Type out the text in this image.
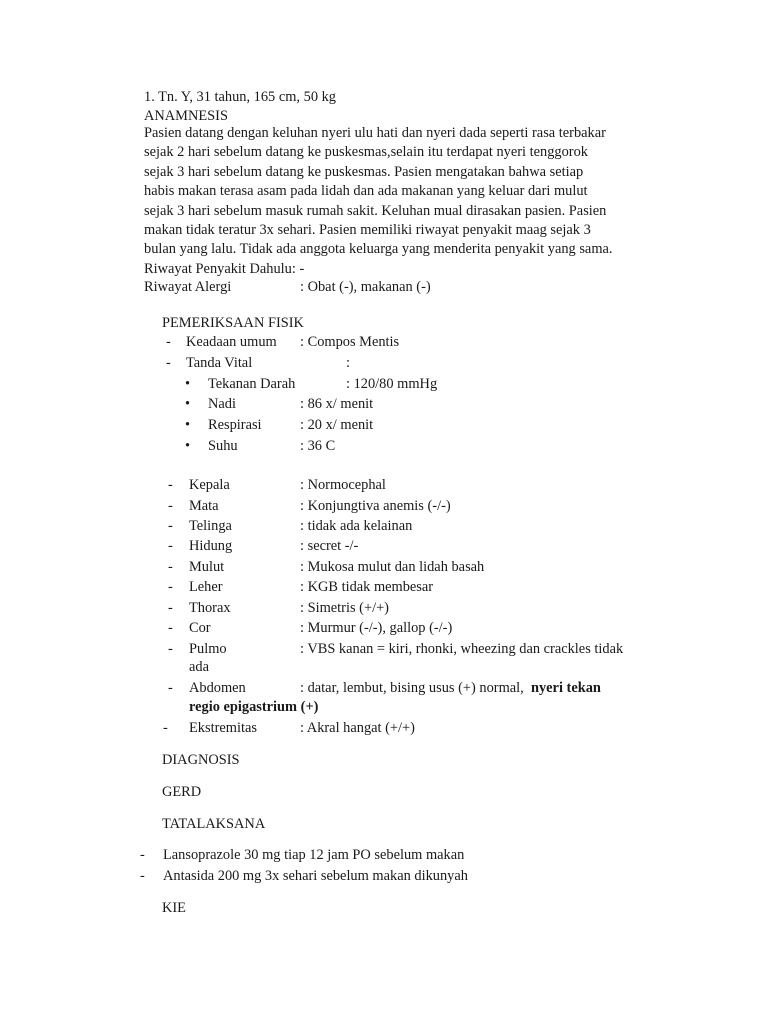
1. Tn. Y, 31 tahun, 165 cm, 50 kg
ANAMNESIS
Pasien datang dengan keluhan nyeri ulu hati dan nyeri dada seperti rasa terbakar
sejak 2 hari sebelum datang ke puskesmas,selain itu terdapat nyeri tenggorok
sejak 3 hari sebelum datang ke puskesmas. Pasien mengatakan bahwa setiap
habis makan terasa asam pada lidah dan ada makanan yang keluar dari mulut
sejak 3 hari sebelum masuk rumah sakit. Keluhan mual dirasakan pasien. Pasien
makan tidak teratur 3x sehari. Pasien memiliki riwayat penyakit maag sejak 3
bulan yang lalu. Tidak ada anggota keluarga yang menderita penyakit yang sama.
Riwayat Penyakit Dahulu: -
Riwayat Alergi	: Obat (-), makanan (-)
PEMERIKSAAN FISIK
- Keadaan umum : Compos Mentis
- Tanda Vital	:
• Tekanan Darah	: 120/80 mmHg
• Nadi	: 86 x/ menit
• Respirasi	: 20 x/ menit
• Suhu	: 36 C
- Kepala	: Normocephal
- Mata	: Konjungtiva anemis (-/-)
- Telinga	: tidak ada kelainan
- Hidung	: secret -/-
- Mulut	: Mukosa mulut dan lidah basah
- Leher	: KGB tidak membesar
- Thorax	: Simetris (+/+)
- Cor	: Murmur (-/-), gallop (-/-)
- Pulmo	: VBS kanan = kiri, rhonki, wheezing dan crackles tidak
ada
- Abdomen	: datar, lembut, bising usus (+) normal, nyeri tekan
regio epigastrium (+)
- Ekstremitas	: Akral hangat (+/+)
DIAGNOSIS
GERD
TATALAKSANA
- Lansoprazole 30 mg tiap 12 jam PO sebelum makan
- Antasida 200 mg 3x sehari sebelum makan dikunyah
KIE
